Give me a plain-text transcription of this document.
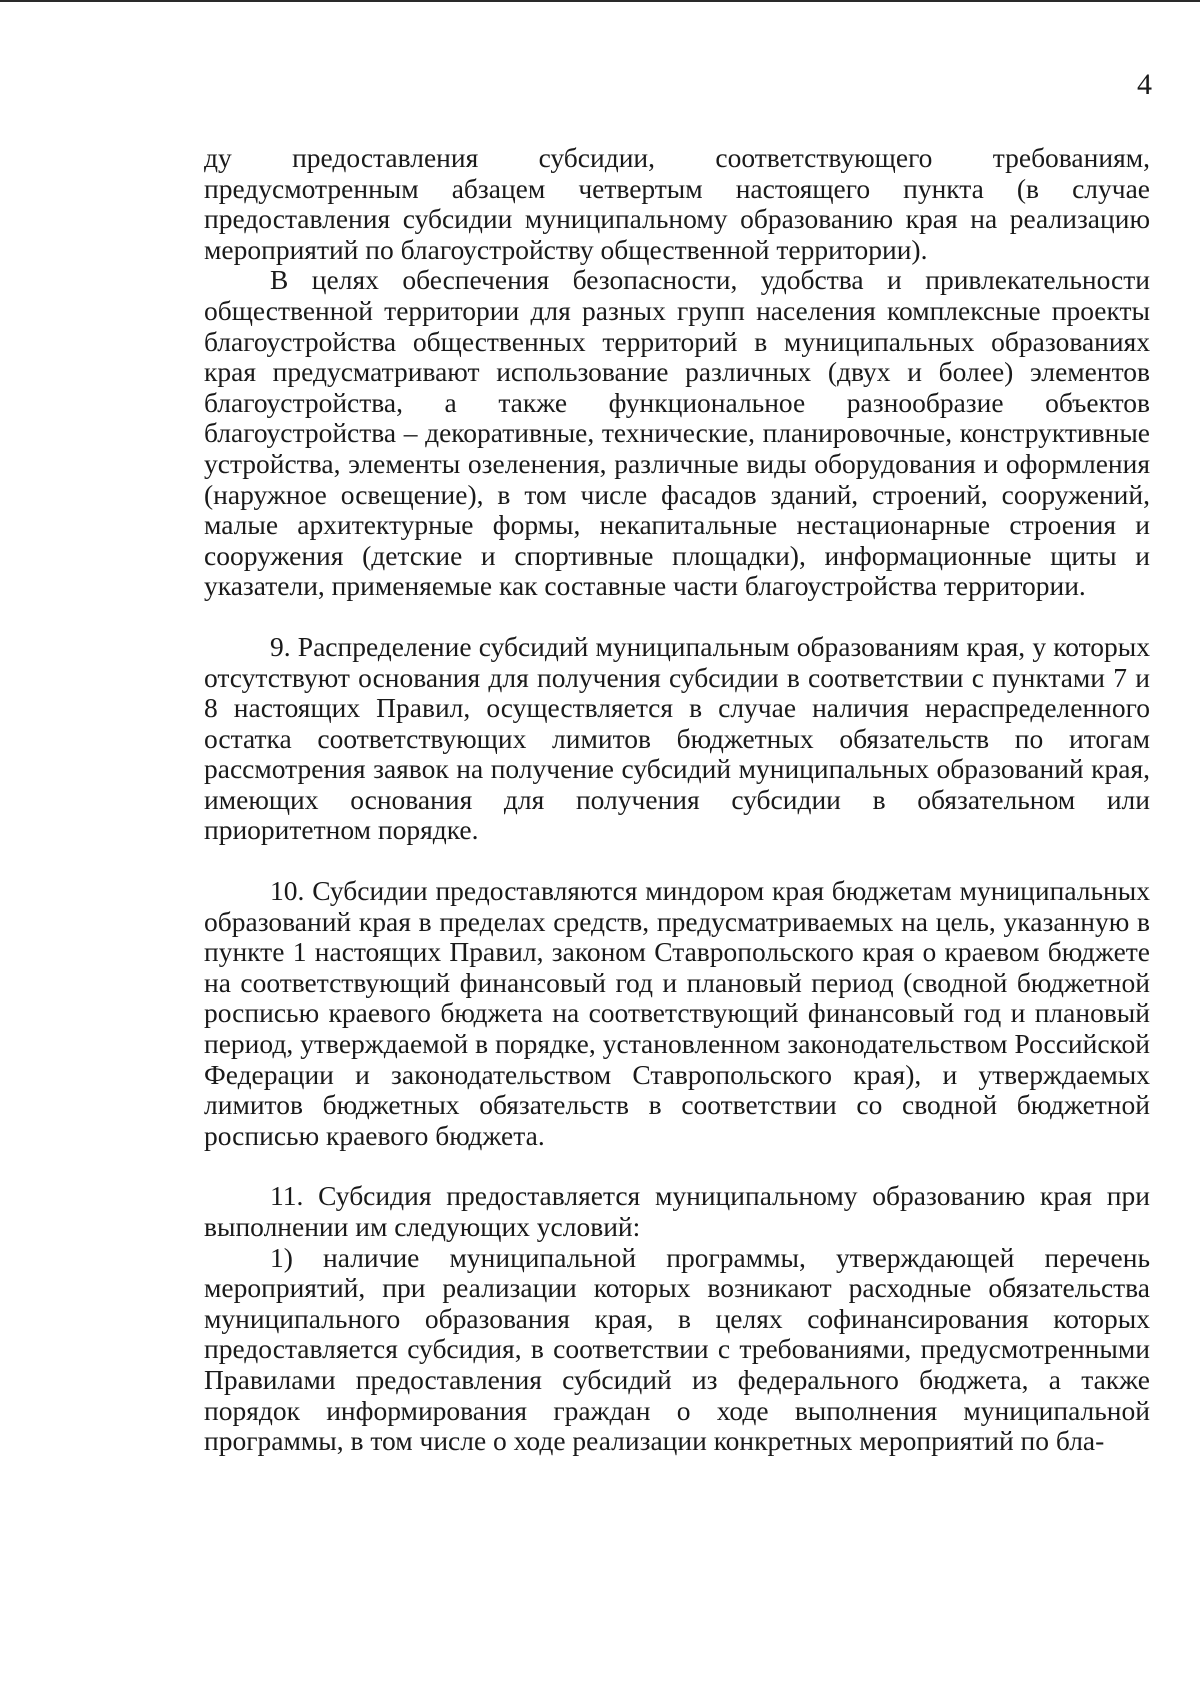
4

ду предоставления субсидии, соответствующего требованиям, предусмотренным абзацем четвертым настоящего пункта (в случае предоставления субсидии муниципальному образованию края на реализацию мероприятий по благоустройству общественной территории).

В целях обеспечения безопасности, удобства и привлекательности общественной территории для разных групп населения комплексные проекты благоустройства общественных территорий в муниципальных образованиях края предусматривают использование различных (двух и более) элементов благоустройства, а также функциональное разнообразие объектов благоустройства – декоративные, технические, планировочные, конструктивные устройства, элементы озеленения, различные виды оборудования и оформления (наружное освещение), в том числе фасадов зданий, строений, сооружений, малые архитектурные формы, некапитальные нестационарные строения и сооружения (детские и спортивные площадки), информационные щиты и указатели, применяемые как составные части благоустройства территории.

9. Распределение субсидий муниципальным образованиям края, у которых отсутствуют основания для получения субсидии в соответствии с пунктами 7 и 8 настоящих Правил, осуществляется в случае наличия нераспределенного остатка соответствующих лимитов бюджетных обязательств по итогам рассмотрения заявок на получение субсидий муниципальных образований края, имеющих основания для получения субсидии в обязательном или приоритетном порядке.

10. Субсидии предоставляются миндором края бюджетам муниципальных образований края в пределах средств, предусматриваемых на цель, указанную в пункте 1 настоящих Правил, законом Ставропольского края о краевом бюджете на соответствующий финансовый год и плановый период (сводной бюджетной росписью краевого бюджета на соответствующий финансовый год и плановый период, утверждаемой в порядке, установленном законодательством Российской Федерации и законодательством Ставропольского края), и утверждаемых лимитов бюджетных обязательств в соответствии со сводной бюджетной росписью краевого бюджета.

11. Субсидия предоставляется муниципальному образованию края при выполнении им следующих условий:

1) наличие муниципальной программы, утверждающей перечень мероприятий, при реализации которых возникают расходные обязательства муниципального образования края, в целях софинансирования которых предоставляется субсидия, в соответствии с требованиями, предусмотренными Правилами предоставления субсидий из федерального бюджета, а также порядок информирования граждан о ходе выполнения муниципальной программы, в том числе о ходе реализации конкретных мероприятий по бла-
